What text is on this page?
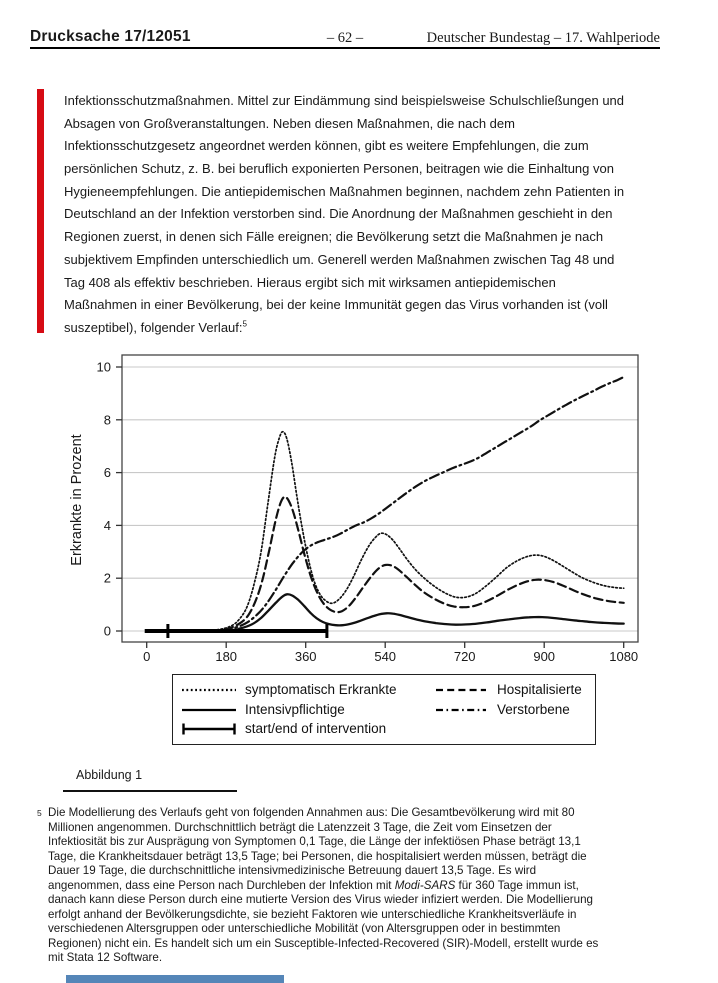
Drucksache 17/12051	– 62 –	Deutscher Bundestag – 17. Wahlperiode
Infektionsschutzmaßnahmen. Mittel zur Eindämmung sind beispielsweise Schulschließungen und
Absagen von Großveranstaltungen. Neben diesen Maßnahmen, die nach dem
Infektionsschutzgesetz angeordnet werden können, gibt es weitere Empfehlungen, die zum
persönlichen Schutz, z. B. bei beruflich exponierten Personen, beitragen wie die Einhaltung von
Hygieneempfehlungen. Die antiepidemischen Maßnahmen beginnen, nachdem zehn Patienten in
Deutschland an der Infektion verstorben sind. Die Anordnung der Maßnahmen geschieht in den
Regionen zuerst, in denen sich Fälle ereignen; die Bevölkerung setzt die Maßnahmen je nach
subjektivem Empfinden unterschiedlich um. Generell werden Maßnahmen zwischen Tag 48 und
Tag 408 als effektiv beschrieben. Hieraus ergibt sich mit wirksamen antiepidemischen
Maßnahmen in einer Bevölkerung, bei der keine Immunität gegen das Virus vorhanden ist (voll
suszeptibel), folgender Verlauf:$^5$
0
2
4
6
8
10
0	180	360	540	720	900	1080
Erkrankte in Prozent
symptomatisch Erkrankte	Hospitalisierte
Intensivpflichtige	Verstorbene
start/end of intervention
Abbildung 1
5 Die Modellierung des Verlaufs geht von folgenden Annahmen aus: Die Gesamtbevölkerung wird mit 80
Millionen angenommen. Durchschnittlich beträgt die Latenzzeit 3 Tage, die Zeit vom Einsetzen der
Infektiosität bis zur Ausprägung von Symptomen 0,1 Tage, die Länge der infektiösen Phase beträgt 13,1
Tage, die Krankheitsdauer beträgt 13,5 Tage; bei Personen, die hospitalisiert werden müssen, beträgt die
Dauer 19 Tage, die durchschnittliche intensivmedizinische Betreuung dauert 13,5 Tage. Es wird
angenommen, dass eine Person nach Durchleben der Infektion mit Modi-SARS für 360 Tage immun ist,
danach kann diese Person durch eine mutierte Version des Virus wieder infiziert werden. Die Modellierung
erfolgt anhand der Bevölkerungsdichte, sie bezieht Faktoren wie unterschiedliche Krankheitsverläufe in
verschiedenen Altersgruppen oder unterschiedliche Mobilität (von Altersgruppen oder in bestimmten
Regionen) nicht ein. Es handelt sich um ein Susceptible-Infected-Recovered (SIR)-Modell, erstellt wurde es
mit Stata 12 Software.
